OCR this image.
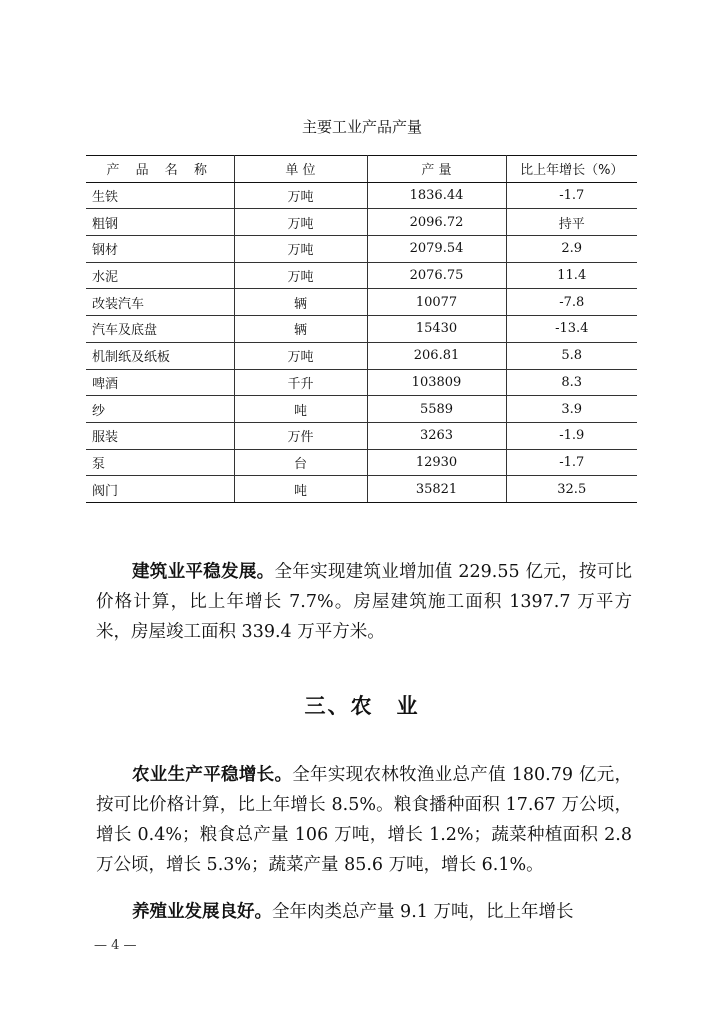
主要工业产品产量
产 品 名 称	单 位	产 量	比上年增长（%）
生铁	万吨	1836.44	-1.7
粗钢	万吨	2096.72	持平
钢材	万吨	2079.54	2.9
水泥	万吨	2076.75	11.4
改装汽车	辆	10077	-7.8
汽车及底盘	辆	15430	-13.4
机制纸及纸板	万吨	206.81	5.8
啤酒	千升	103809	8.3
纱	吨	5589	3.9
服装	万件	3263	-1.9
泵	台	12930	-1.7
阀门	吨	35821	32.5

建筑业平稳发展。全年实现建筑业增加值 229.55 亿元，按可比价格计算，比上年增长 7.7%。房屋建筑施工面积 1397.7 万平方米，房屋竣工面积 339.4 万平方米。

三、农　业

农业生产平稳增长。全年实现农林牧渔业总产值 180.79 亿元，按可比价格计算，比上年增长 8.5%。粮食播种面积 17.67 万公顷，增长 0.4%；粮食总产量 106 万吨，增长 1.2%；蔬菜种植面积 2.8 万公顷，增长 5.3%；蔬菜产量 85.6 万吨，增长 6.1%。

养殖业发展良好。全年肉类总产量 9.1 万吨，比上年增长

— 4 —
